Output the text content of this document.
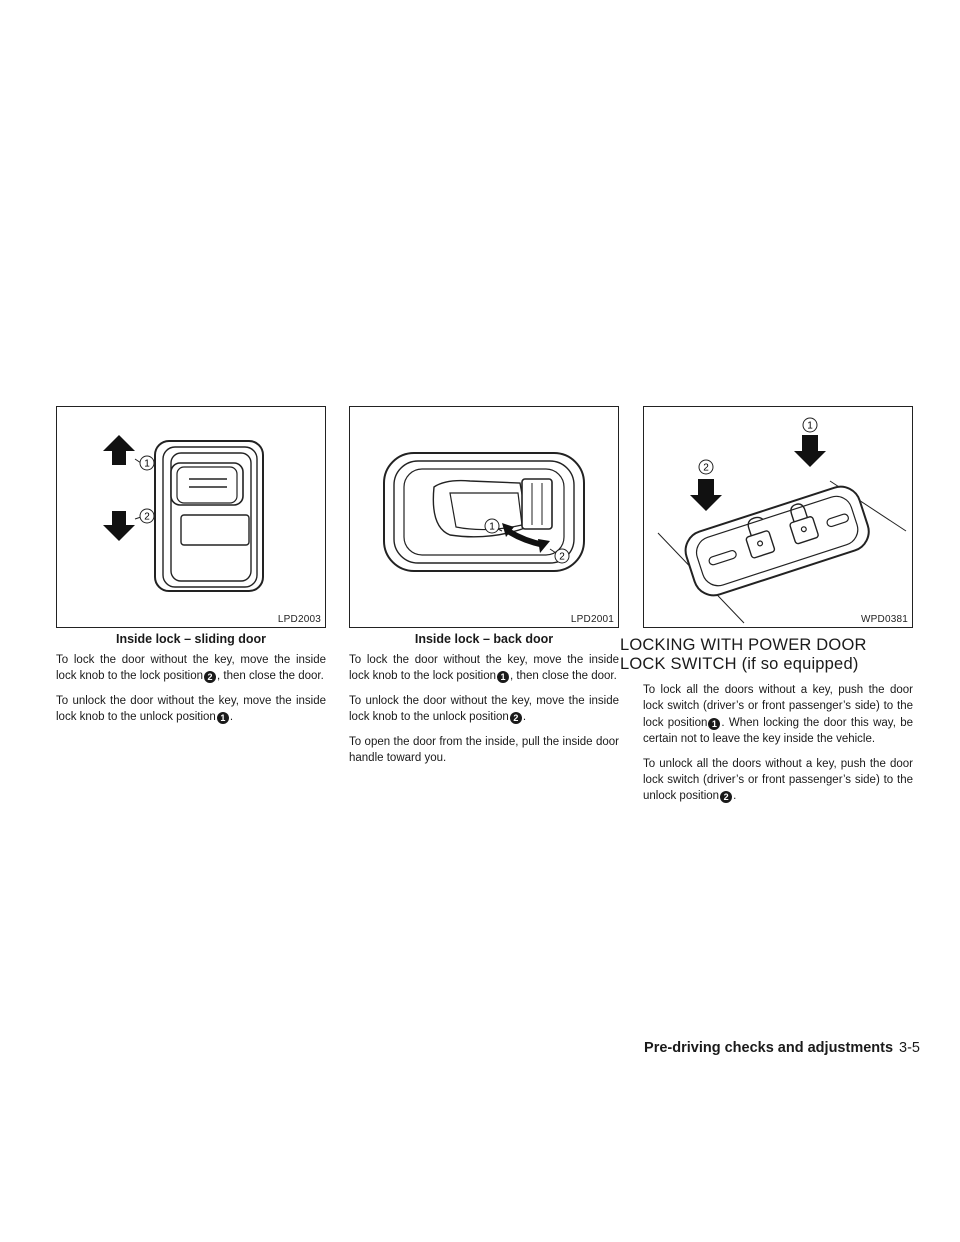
1
2
LPD2003
Inside lock – sliding door
1
2
LPD2001
Inside lock – back door
2
1
WPD0381

To lock the door without the key, move the inside lock knob to the lock position 2 , then close the door.

To unlock the door without the key, move the inside lock knob to the unlock position 1 .

To lock the door without the key, move the inside lock knob to the lock position 1 , then close the door.

To unlock the door without the key, move the inside lock knob to the unlock position 2 .

To open the door from the inside, pull the inside door handle toward you.

LOCKING WITH POWER DOOR
LOCK SWITCH (if so equipped)

To lock all the doors without a key, push the door lock switch (driver’s or front passenger’s side) to the lock position 1 . When locking the door this way, be certain not to leave the key inside the vehicle.

To unlock all the doors without a key, push the door lock switch (driver’s or front passenger’s side) to the unlock position 2 .

Pre-driving checks and adjustments 3-5
